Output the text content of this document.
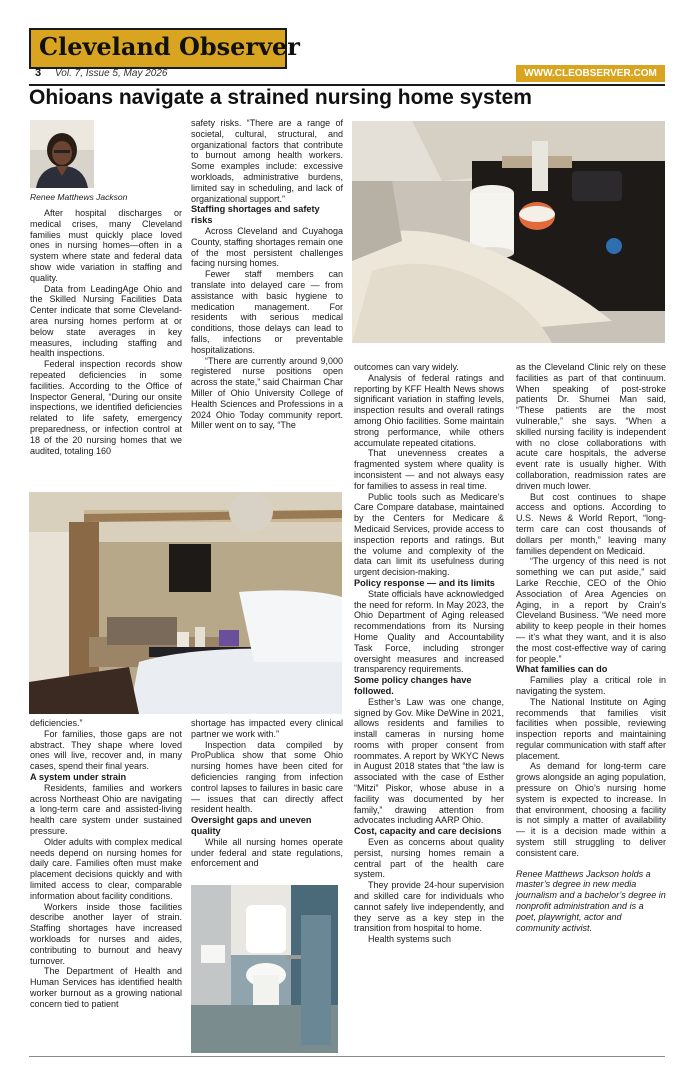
Cleveland Observer
3 Vol. 7, Issue 5, May 2026	WWW.CLEOBSERVER.COM
Ohioans navigate a strained nursing home system
Renee Matthews Jackson

After hospital discharges or medical crises, many Cleveland families must quickly place loved ones in nursing homes—often in a system where state and federal data show wide variation in staffing and quality.

Data from LeadingAge Ohio and the Skilled Nursing Facilities Data Center indicate that some Cleveland-area nursing homes perform at or below state averages in key measures, including staffing and health inspections.

Federal inspection records show repeated deficiencies in some facilities. According to the Office of Inspector General, “During our onsite inspections, we identified deficiencies related to life safety, emergency preparedness, or infection control at 18 of the 20 nursing homes that we audited, totaling 160

safety risks. “There are a range of societal, cultural, structural, and organizational factors that contribute to burnout among health workers. Some examples include: excessive workloads, administrative burdens, limited say in scheduling, and lack of organizational support.”

Staffing shortages and safety risks

Across Cleveland and Cuyahoga County, staffing shortages remain one of the most persistent challenges facing nursing homes.

Fewer staff members can translate into delayed care — from assistance with basic hygiene to medication management. For residents with serious medical conditions, those delays can lead to falls, infections or preventable hospitalizations.

“There are currently around 9,000 registered nurse positions open across the state,” said Chairman Char Miller of Ohio University College of Health Sciences and Professions in a 2024 Ohio Today community report. Miller went on to say, “The

deficiencies.”

For families, those gaps are not abstract. They shape where loved ones will live, recover and, in many cases, spend their final years.

A system under strain

Residents, families and workers across Northeast Ohio are navigating a long-term care and assisted-living health care system under sustained pressure.

Older adults with complex medical needs depend on nursing homes for daily care. Families often must make placement decisions quickly and with limited access to clear, comparable information about facility conditions.

Workers inside those facilities describe another layer of strain. Staffing shortages have increased workloads for nurses and aides, contributing to burnout and heavy turnover.

The Department of Health and Human Services has identified health worker burnout as a growing national concern tied to patient

shortage has impacted every clinical partner we work with.”

Inspection data compiled by ProPublica show that some Ohio nursing homes have been cited for deficiencies ranging from infection control lapses to failures in basic care — issues that can directly affect resident health.

Oversight gaps and uneven quality

While all nursing homes operate under federal and state regulations, enforcement and

outcomes can vary widely.

Analysis of federal ratings and reporting by KFF Health News shows significant variation in staffing levels, inspection results and overall ratings among Ohio facilities. Some maintain strong performance, while others accumulate repeated citations.

That unevenness creates a fragmented system where quality is inconsistent — and not always easy for families to assess in real time.

Public tools such as Medicare’s Care Compare database, maintained by the Centers for Medicare & Medicaid Services, provide access to inspection reports and ratings. But the volume and complexity of the data can limit its usefulness during urgent decision-making.

Policy response — and its limits

State officials have acknowledged the need for reform. In May 2023, the Ohio Department of Aging released recommendations from its Nursing Home Quality and Accountability Task Force, including stronger oversight measures and increased transparency requirements.

Some policy changes have followed.

Esther’s Law was one change, signed by Gov. Mike DeWine in 2021, allows residents and families to install cameras in nursing home rooms with proper consent from roommates. A report by WKYC News in August 2018 states that “the law is associated with the case of Esther “Mitzi” Piskor, whose abuse in a facility was documented by her family,” drawing attention from advocates including AARP Ohio.

Cost, capacity and care decisions

Even as concerns about quality persist, nursing homes remain a central part of the health care system.

They provide 24-hour supervision and skilled care for individuals who cannot safely live independently, and they serve as a key step in the transition from hospital to home.

Health systems such

as the Cleveland Clinic rely on these facilities as part of that continuum. When speaking of post-stroke patients Dr. Shumei Man said, “These patients are the most vulnerable,” she says. “When a skilled nursing facility is independent with no close collaborations with acute care hospitals, the adverse event rate is usually higher. With collaboration, readmission rates are driven much lower.

But cost continues to shape access and options. According to U.S. News & World Report, “long-term care can cost thousands of dollars per month,” leaving many families dependent on Medicaid.

“The urgency of this need is not something we can put aside,” said Larke Recchie, CEO of the Ohio Association of Area Agencies on Aging, in a report by Crain’s Cleveland Business. “We need more ability to keep people in their homes — it’s what they want, and it is also the most cost-effective way of caring for people.”

What families can do

Families play a critical role in navigating the system.

The National Institute on Aging recommends that families visit facilities when possible, reviewing inspection reports and maintaining regular communication with staff after placement.

As demand for long-term care grows alongside an aging population, pressure on Ohio’s nursing home system is expected to increase. In that environment, choosing a facility is not simply a matter of availability — it is a decision made within a system still struggling to deliver consistent care.

Renee Matthews Jackson holds a master’s degree in new media journalism and a bachelor’s degree in nonprofit administration and is a poet, playwright, actor and community activist.
